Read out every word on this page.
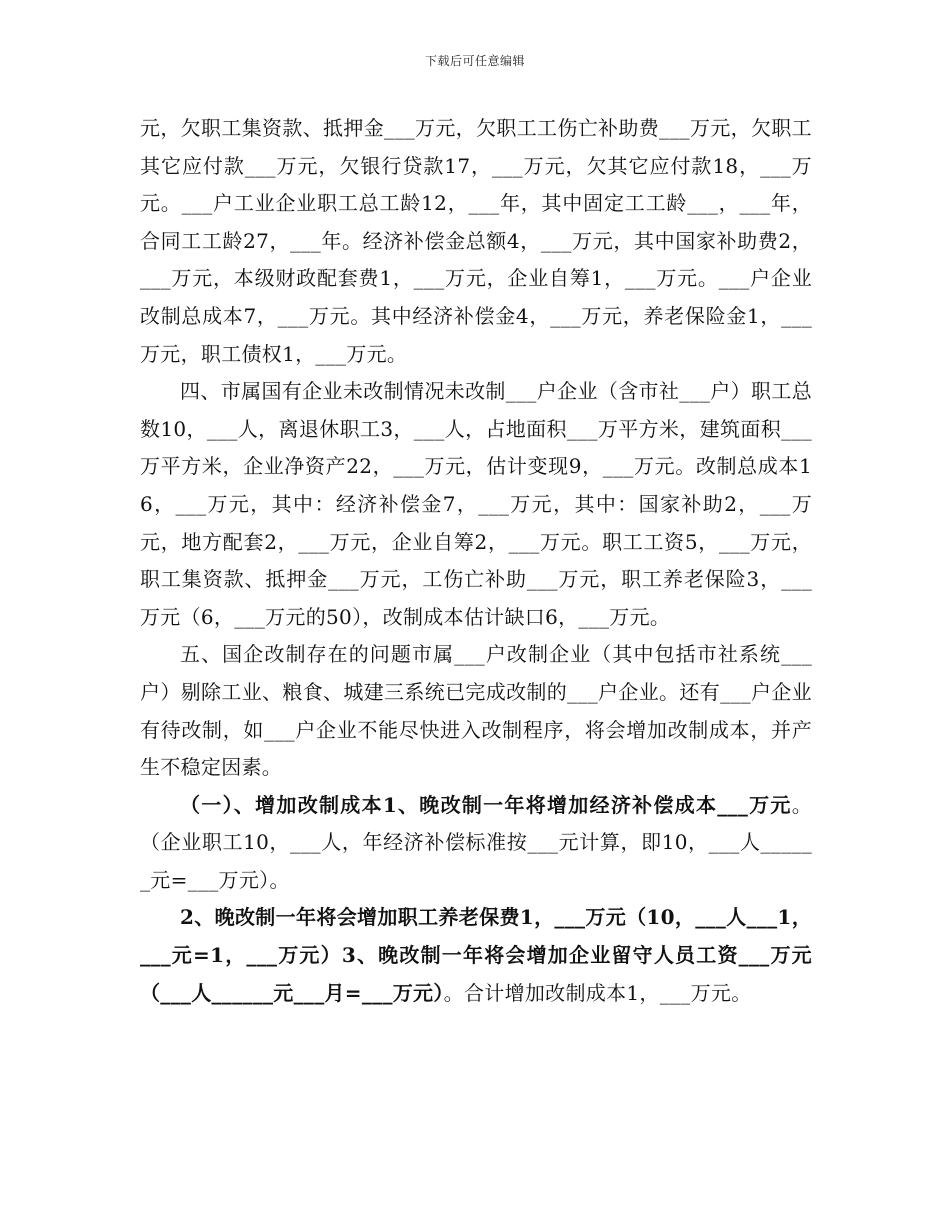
下载后可任意编辑

元，欠职工集资款、抵押金___万元，欠职工工伤亡补助费___万元，欠职工其它应付款___万元，欠银行贷款17，___万元，欠其它应付款18，___万元。___户工业企业职工总工龄12，___年，其中固定工工龄___，___年，合同工工龄27，___年。经济补偿金总额4，___万元，其中国家补助费2，___万元，本级财政配套费1，___万元，企业自筹1，___万元。___户企业改制总成本7，___万元。其中经济补偿金4，___万元，养老保险金1，___万元，职工债权1，___万元。

四、市属国有企业未改制情况未改制___户企业（含市社___户）职工总数10，___人，离退休职工3，___人，占地面积___万平方米，建筑面积___万平方米，企业净资产22，___万元，估计变现9，___万元。改制总成本16，___万元，其中：经济补偿金7，___万元，其中：国家补助2，___万元，地方配套2，___万元，企业自筹2，___万元。职工工资5，___万元，职工集资款、抵押金___万元，工伤亡补助___万元，职工养老保险3，___万元（6，___万元的50），改制成本估计缺口6，___万元。

五、国企改制存在的问题市属___户改制企业（其中包括市社系统___户）剔除工业、粮食、城建三系统已完成改制的___户企业。还有___户企业有待改制，如___户企业不能尽快进入改制程序，将会增加改制成本，并产生不稳定因素。

（一）、增加改制成本1、晚改制一年将增加经济补偿成本___万元。（企业职工10，___人，年经济补偿标准按___元计算，即10，___人______元=___万元）。

2、晚改制一年将会增加职工养老保费1，___万元（10，___人___1，___元=1，___万元）3、晚改制一年将会增加企业留守人员工资___万元（___人______元___月=___万元）。合计增加改制成本1，___万元。
